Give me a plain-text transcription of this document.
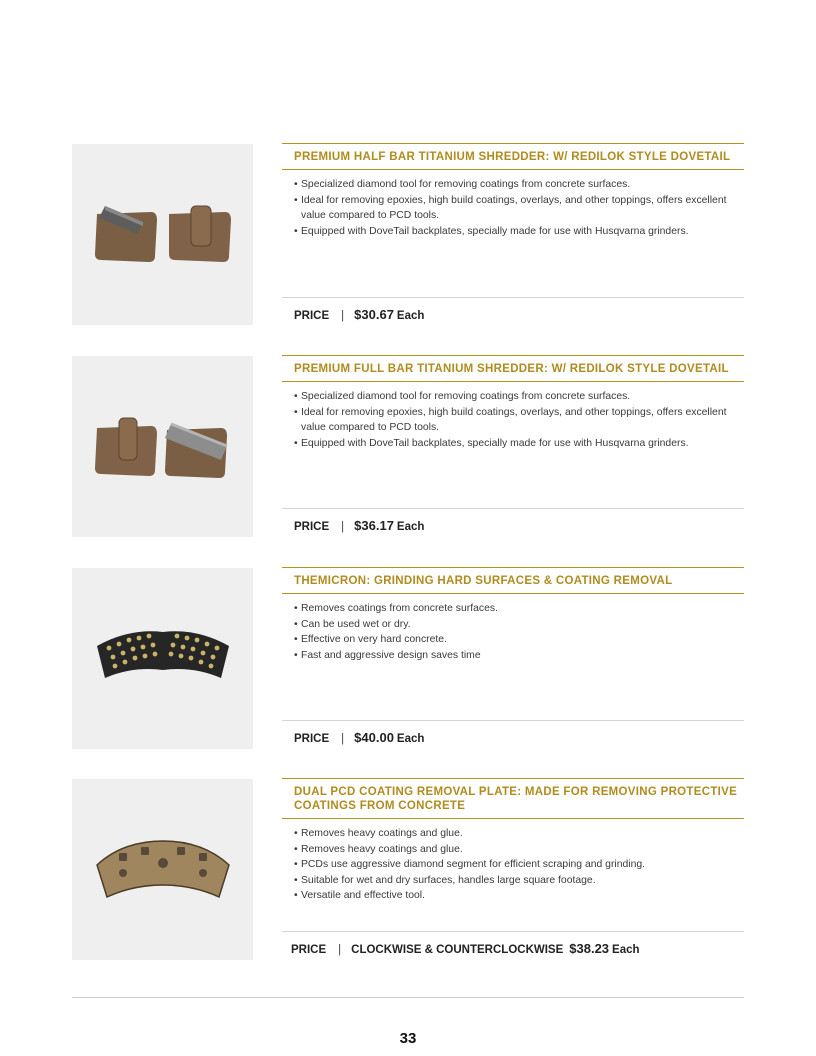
PREMIUM HALF BAR TITANIUM SHREDDER: W/ REDILOK STYLE DOVETAIL

• Specialized diamond tool for removing coatings from concrete surfaces.
• Ideal for removing epoxies, high build coatings, overlays, and other toppings, offers excellent value compared to PCD tools.
• Equipped with DoveTail backplates, specially made for use with Husqvarna grinders.
PRICE | $30.67 Each

PREMIUM FULL BAR TITANIUM SHREDDER: W/ REDILOK STYLE DOVETAIL

• Specialized diamond tool for removing coatings from concrete surfaces.
• Ideal for removing epoxies, high build coatings, overlays, and other toppings, offers excellent value compared to PCD tools.
• Equipped with DoveTail backplates, specially made for use with Husqvarna grinders.
PRICE | $36.17 Each

THEMICRON: GRINDING HARD SURFACES & COATING REMOVAL

• Removes coatings from concrete surfaces.
• Can be used wet or dry.
• Effective on very hard concrete.
• Fast and aggressive design saves time
PRICE | $40.00 Each

DUAL PCD COATING REMOVAL PLATE: MADE FOR REMOVING PROTECTIVE COATINGS FROM CONCRETE

• Removes heavy coatings and glue.
• Removes heavy coatings and glue.
• PCDs use aggressive diamond segment for efficient scraping and grinding.
• Suitable for wet and dry surfaces, handles large square footage.
• Versatile and effective tool.
PRICE | CLOCKWISE & COUNTERCLOCKWISE $38.23 Each
33
